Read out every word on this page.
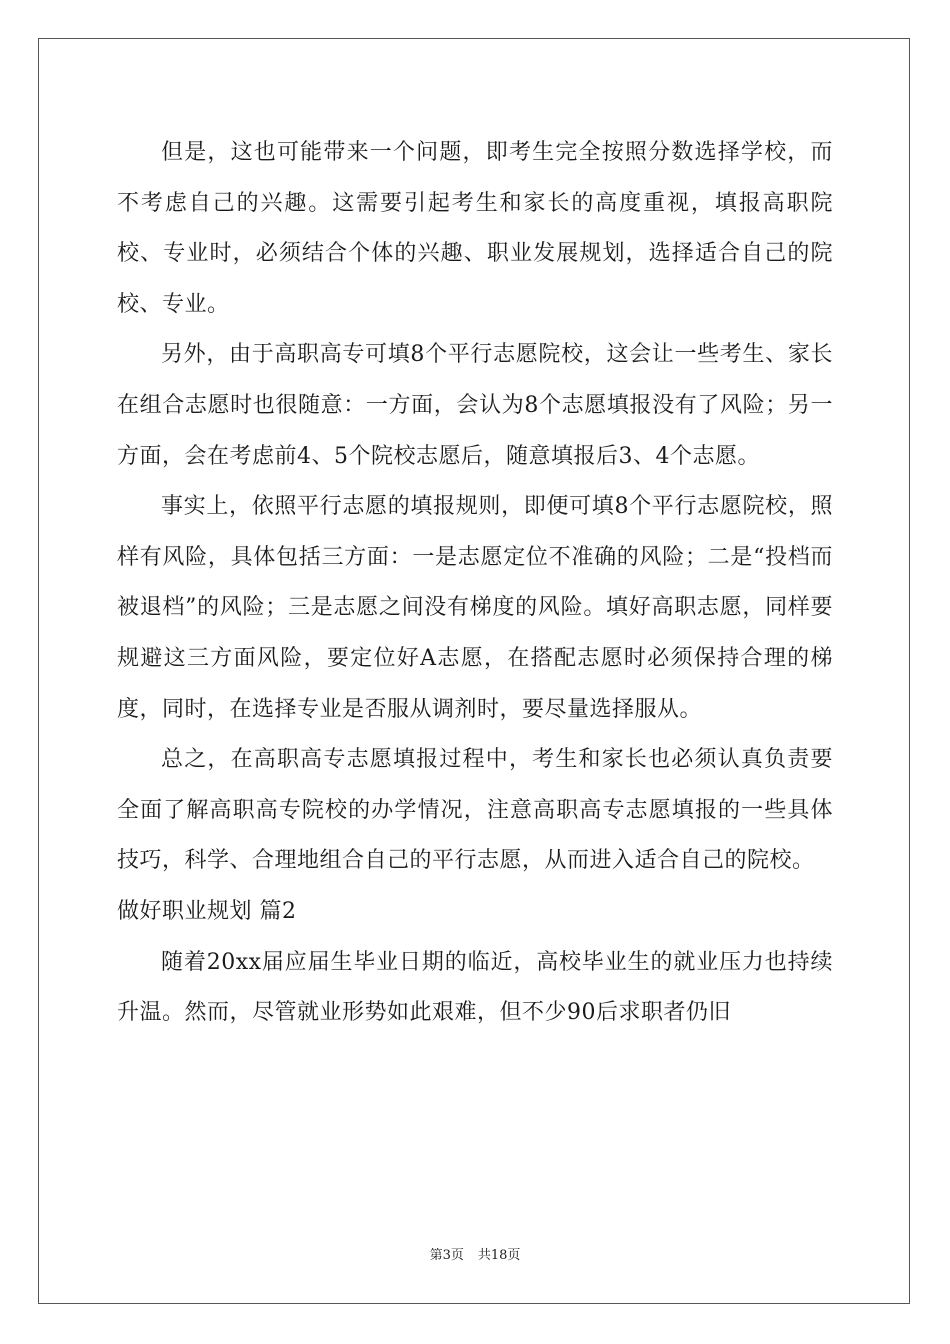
但是，这也可能带来一个问题，即考生完全按照分数选择学校，而不考虑自己的兴趣。这需要引起考生和家长的高度重视，填报高职院校、专业时，必须结合个体的兴趣、职业发展规划，选择适合自己的院校、专业。

另外，由于高职高专可填8个平行志愿院校，这会让一些考生、家长在组合志愿时也很随意：一方面，会认为8个志愿填报没有了风险；另一方面，会在考虑前4、5个院校志愿后，随意填报后3、4个志愿。

事实上，依照平行志愿的填报规则，即便可填8个平行志愿院校，照样有风险，具体包括三方面：一是志愿定位不准确的风险；二是“投档而被退档”的风险；三是志愿之间没有梯度的风险。填好高职志愿，同样要规避这三方面风险，要定位好A志愿，在搭配志愿时必须保持合理的梯度，同时，在选择专业是否服从调剂时，要尽量选择服从。

总之，在高职高专志愿填报过程中，考生和家长也必须认真负责要全面了解高职高专院校的办学情况，注意高职高专志愿填报的一些具体技巧，科学、合理地组合自己的平行志愿，从而进入适合自己的院校。

做好职业规划 篇2

随着20xx届应届生毕业日期的临近，高校毕业生的就业压力也持续升温。然而，尽管就业形势如此艰难，但不少90后求职者仍旧

第3页 共18页
